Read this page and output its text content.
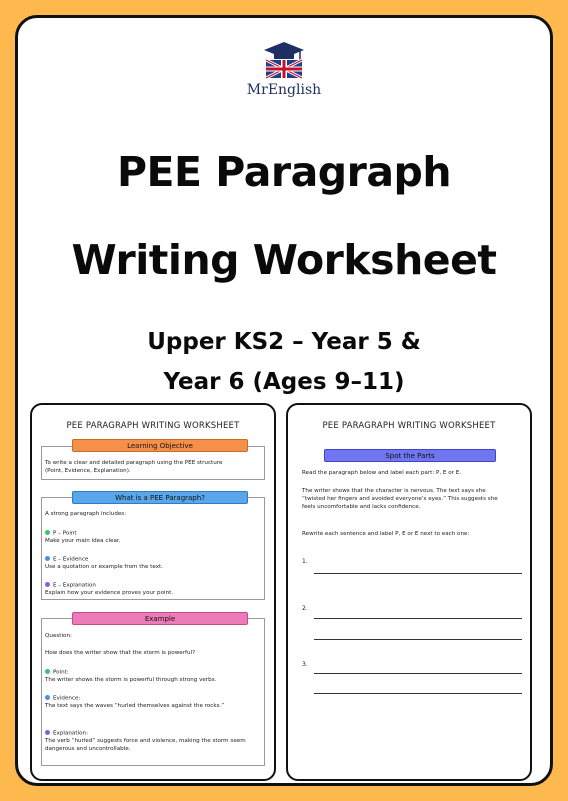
MrEnglish
PEE Paragraph
Writing Worksheet
Upper KS2 – Year 5 &
Year 6 (Ages 9–11)
PEE PARAGRAPH WRITING WORKSHEET
To write a clear and detailed paragraph using the PEE structure
(Point, Evidence, Explanation).
Learning Objective
A strong paragraph includes:
P – Point
Make your main idea clear.
E – Evidence
Use a quotation or example from the text.
E – Explanation
Explain how your evidence proves your point.
What is a PEE Paragraph?
Question:
How does the writer show that the storm is powerful?
Point:
The writer shows the storm is powerful through strong verbs.
Evidence:
The text says the waves “hurled themselves against the rocks.”
Explanation:
The verb “hurled” suggests force and violence, making the storm seem
dangerous and uncontrollable.
Example
PEE PARAGRAPH WRITING WORKSHEET
Spot the Parts
Read the paragraph below and label each part: P, E or E.
The writer shows that the character is nervous. The text says she
“twisted her fingers and avoided everyone’s eyes.” This suggests she
feels uncomfortable and lacks confidence.
Rewrite each sentence and label P, E or E next to each one:
1.
2.
3.
